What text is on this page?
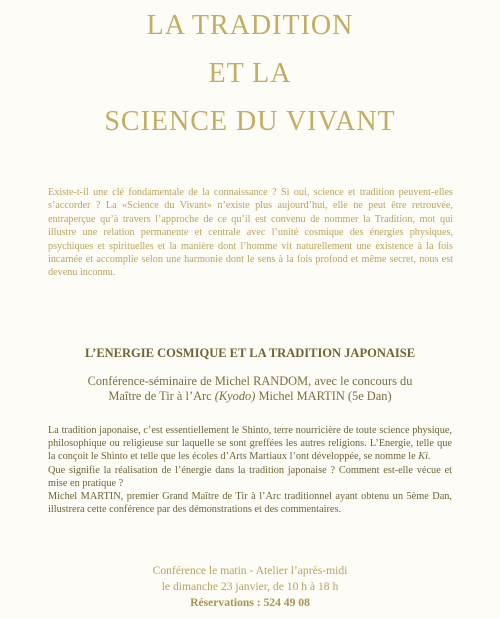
LA TRADITION
ET LA
SCIENCE DU VIVANT

Existe-t-il une clé fondamentale de la connaissance ? Si oui, science et tradition peuvent-elles s’accorder ? La «Science du Vivant» n’existe plus aujourd’hui, elle ne peut être retrouvée, entraperçue qu’à travers l’approche de ce qu’il est convenu de nommer la Tradition, mot qui illustre une relation permanente et centrale avec l’unité cosmique des énergies physiques, psychiques et spirituelles et la manière dont l’homme vit naturellement une existence à la fois incarnée et accomplie selon une harmonie dont le sens à la fois profond et même secret, nous est devenu inconnu.

L’ENERGIE COSMIQUE ET LA TRADITION JAPONAISE
Conférence-séminaire de Michel RANDOM, avec le concours du
Maître de Tir à l’Arc (Kyodo) Michel MARTIN (5e Dan)
La tradition japonaise, c’est essentiellement le Shinto, terre nourricière de toute science physique, philosophique ou religieuse sur laquelle se sont greffées les autres religions. L’Energie, telle que la conçoit le Shinto et telle que les écoles d’Arts Martiaux l’ont développée, se nomme le Ki.
Que signifie la réalisation de l’énergie dans la tradition japonaise ? Comment est-elle vécue et mise en pratique ?
Michel MARTIN, premier Grand Maître de Tir à l’Arc traditionnel ayant obtenu un 5ème Dan, illustrera cette conférence par des démonstrations et des commentaires.
Conférence le matin - Atelier l’après-midi
le dimanche 23 janvier, de 10 h à 18 h
Réservations : 524 49 08
